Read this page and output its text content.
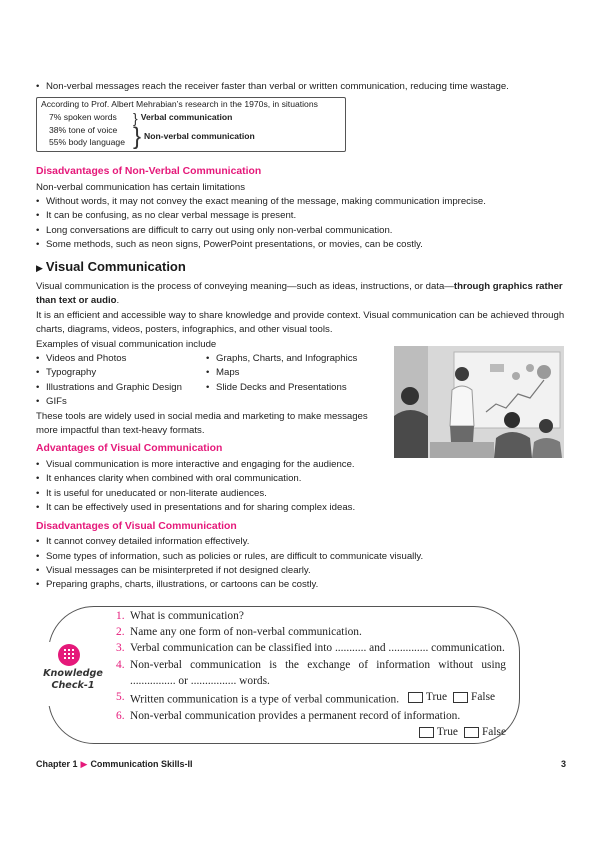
• Non-verbal messages reach the receiver faster than verbal or written communication, reducing time wastage.
According to Prof. Albert Mehrabian’s research in the 1970s, in situations
7% spoken words	} Verbal communication
38% tone of voice
55% body language } Non-verbal communication
Disadvantages of Non-Verbal Communication

Non-verbal communication has certain limitations

• Without words, it may not convey the exact meaning of the message, making communication imprecise.
• It can be confusing, as no clear verbal message is present.
• Long conversations are difficult to carry out using only non-verbal communication.
• Some methods, such as neon signs, PowerPoint presentations, or movies, can be costly.
▶ Visual Communication

Visual communication is the process of conveying meaning—such as ideas, instructions, or data—through graphics rather than text or audio.

It is an efficient and accessible way to share knowledge and provide context. Visual communication can be achieved through charts, diagrams, videos, posters, infographics, and other visual tools.

Examples of visual communication include

• Videos and Photos
• Typography
• Illustrations and Graphic Design
• GIFs
• Graphs, Charts, and Infographics
• Maps
• Slide Decks and Presentations

These tools are widely used in social media and marketing to make messages more impactful than text-heavy formats.

Advantages of Visual Communication
• Visual communication is more interactive and engaging for the audience.
• It enhances clarity when combined with oral communication.
• It is useful for uneducated or non-literate audiences.
• It can be effectively used in presentations and for sharing complex ideas.
Disadvantages of Visual Communication
• It cannot convey detailed information effectively.
• Some types of information, such as policies or rules, are difficult to communicate visually.
• Visual messages can be misinterpreted if not designed clearly.
• Preparing graphs, charts, illustrations, or cartoons can be costly.
Knowledge
Check-1
1. What is communication?
2. Name any one form of non-verbal communication.
3. Verbal communication can be classified into ........... and .............. communication.
4. Non-verbal communication is the exchange of information without using ................ or ................ words.
5. Written communication is a type of verbal communication. True False
6. Non-verbal communication provides a permanent record of information.
True False
Chapter 1 ▶ Communication Skills-II	3
